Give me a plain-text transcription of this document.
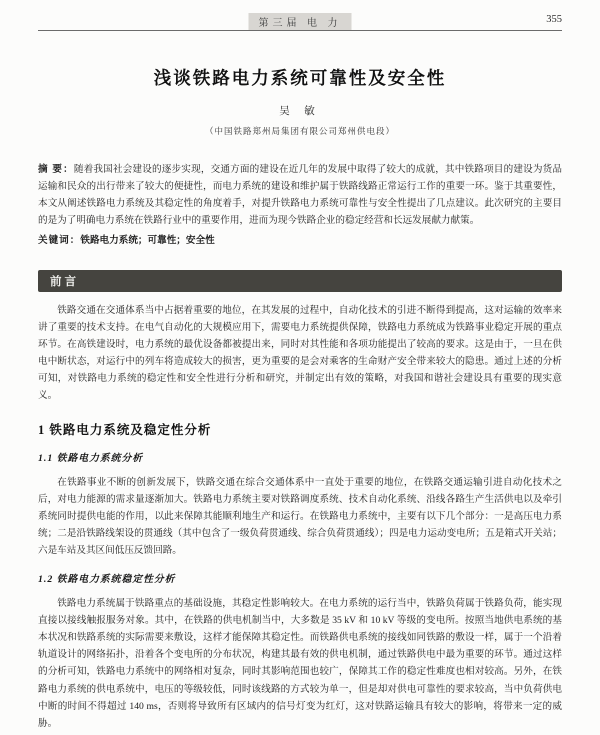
第三届 电 力	355
浅谈铁路电力系统可靠性及安全性
吴 敏
（中国铁路郑州局集团有限公司郑州供电段）
摘 要：随着我国社会建设的逐步实现，交通方面的建设在近几年的发展中取得了较大的成就，其中铁路项目的建设为货品运输和民众的出行带来了较大的便捷性，而电力系统的建设和维护属于铁路线路正常运行工作的重要一环。鉴于其重要性，本文从阐述铁路电力系统及其稳定性的角度着手，对提升铁路电力系统可靠性与安全性提出了几点建议。此次研究的主要目的是为了明确电力系统在铁路行业中的重要作用，进而为现今铁路企业的稳定经营和长远发展献力献策。
关键词：铁路电力系统；可靠性；安全性
前言

铁路交通在交通体系当中占据着重要的地位，在其发展的过程中，自动化技术的引进不断得到提高，这对运输的效率来讲了重要的技术支持。在电气自动化的大规模应用下，需要电力系统提供保障，铁路电力系统成为铁路事业稳定开展的重点环节。在高铁建设时，电力系统的最优设备都被提出来，同时对其性能和各项功能提出了较高的要求。这是由于，一旦在供电中断状态，对运行中的列车将造成较大的损害，更为重要的是会对乘客的生命财产安全带来较大的隐患。通过上述的分析可知，对铁路电力系统的稳定性和安全性进行分析和研究，并制定出有效的策略，对我国和谐社会建设具有重要的现实意义。

1 铁路电力系统及稳定性分析
1.1 铁路电力系统分析

在铁路事业不断的创新发展下，铁路交通在综合交通体系中一直处于重要的地位，在铁路交通运输引进自动化技术之后，对电力能源的需求量逐渐加大。铁路电力系统主要对铁路调度系统、技术自动化系统、沿线各路生产生活供电以及牵引系统同时提供电能的作用，以此来保障其能顺利地生产和运行。在铁路电力系统中，主要有以下几个部分：一是高压电力系统；二是沿铁路线架设的贯通线（其中包含了一级负荷贯通线、综合负荷贯通线）；四是电力运动变电所；五是箱式开关站；六是车站及其区间低压反馈回路。

1.2 铁路电力系统稳定性分析

铁路电力系统属于铁路重点的基础设施，其稳定性影响较大。在电力系统的运行当中，铁路负荷属于铁路负荷，能实现直接以接线触报服务对象。其中，在铁路的供电机制当中，大多数是 35 kV 和 10 kV 等级的变电所。按照当地供电系统的基本状况和铁路系统的实际需要来敷设，这样才能保障其稳定性。而铁路供电系统的接线如同铁路的敷设一样，属于一个沿着轨道设计的网络拓扑，沿着各个变电所的分布状况，构建其最有效的供电机制，通过铁路供电中最为重要的环节。通过这样的分析可知，铁路电力系统中的网络相对复杂，同时其影响范围也较广，保障其工作的稳定性难度也相对较高。另外，在铁路电力系统的供电系统中，电压的等级较低，同时该线路的方式较为单一，但是却对供电可靠性的要求较高，当中负荷供电中断的时间不得超过 140 ms，否则将导致所有区域内的信号灯变为红灯，这对铁路运输具有较大的影响，将带来一定的威胁。
